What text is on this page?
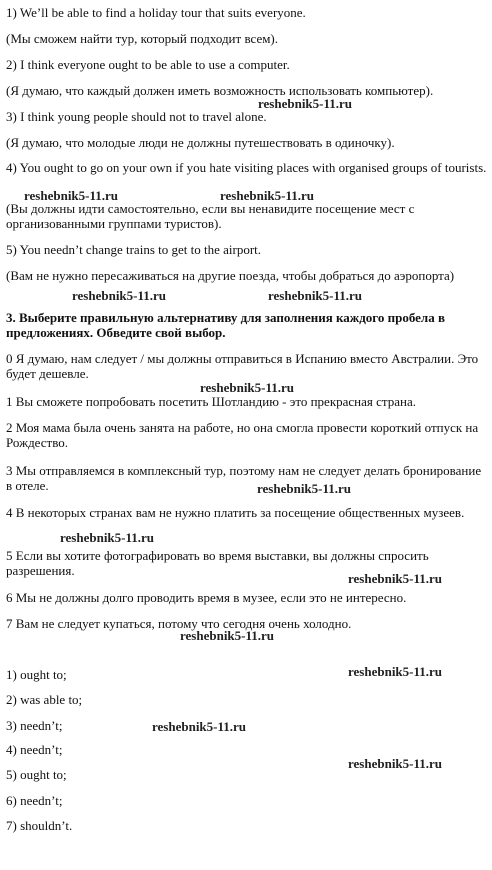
1) We’ll be able to find a holiday tour that suits everyone.
(Мы сможем найти тур, который подходит всем).
2) I think everyone ought to be able to use a computer.
(Я думаю, что каждый должен иметь возможность использовать компьютер).
3) I think young people should not to travel alone.
(Я думаю, что молодые люди не должны путешествовать в одиночку).
4) You ought to go on your own if you hate visiting places with organised groups of tourists.
(Вы должны идти самостоятельно, если вы ненавидите посещение мест с организованными группами туристов).
5) You needn’t change trains to get to the airport.
(Вам не нужно пересаживаться на другие поезда, чтобы добраться до аэропорта)
3. Выберите правильную альтернативу для заполнения каждого пробела в предложениях. Обведите свой выбор.
0 Я думаю, нам следует / мы должны отправиться в Испанию вместо Австралии. Это будет дешевле.
1 Вы сможете попробовать посетить Шотландию - это прекрасная страна.
2 Моя мама была очень занята на работе, но она смогла провести короткий отпуск на Рождество.
3 Мы отправляемся в комплексный тур, поэтому нам не следует делать бронирование в отеле.
4 В некоторых странах вам не нужно платить за посещение общественных музеев.
5 Если вы хотите фотографировать во время выставки, вы должны спросить разрешения.
6 Мы не должны долго проводить время в музее, если это не интересно.
7 Вам не следует купаться, потому что сегодня очень холодно.
1) ought to;
2) was able to;
3) needn’t;
4) needn’t;
5) ought to;
6) needn’t;
7) shouldn’t.
reshebnik5-11.ru
reshebnik5-11.ru	reshebnik5-11.ru
reshebnik5-11.ru	reshebnik5-11.ru
reshebnik5-11.ru
reshebnik5-11.ru
reshebnik5-11.ru
reshebnik5-11.ru
reshebnik5-11.ru
reshebnik5-11.ru
reshebnik5-11.ru
reshebnik5-11.ru
